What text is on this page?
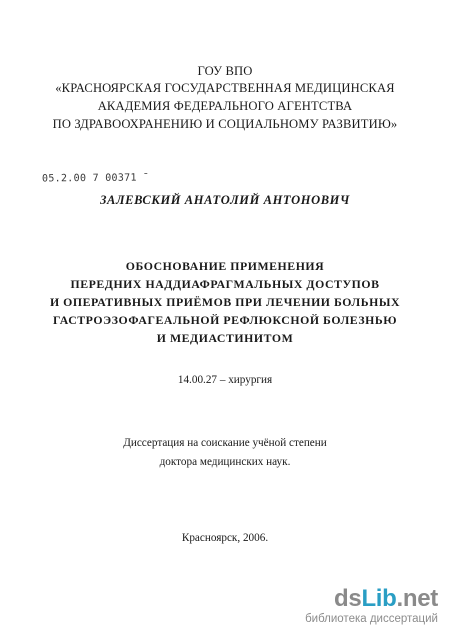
ГОУ ВПО
«КРАСНОЯРСКАЯ ГОСУДАРСТВЕННАЯ МЕДИЦИНСКАЯ
АКАДЕМИЯ ФЕДЕРАЛЬНОГО АГЕНТСТВА
ПО ЗДРАВООХРАНЕНИЮ И СОЦИАЛЬНОМУ РАЗВИТИЮ»
05.2.00 7 00371 ̄
ЗАЛЕВСКИЙ АНАТОЛИЙ АНТОНОВИЧ
ОБОСНОВАНИЕ ПРИМЕНЕНИЯ
ПЕРЕДНИХ НАДДИАФРАГМАЛЬНЫХ ДОСТУПОВ
И ОПЕРАТИВНЫХ ПРИЁМОВ ПРИ ЛЕЧЕНИИ БОЛЬНЫХ
ГАСТРОЭЗОФАГЕАЛЬНОЙ РЕФЛЮКСНОЙ БОЛЕЗНЬЮ
И МЕДИАСТИНИТОМ
14.00.27 – хирургия
Диссертация на соискание учёной степени
доктора медицинских наук.
Красноярск, 2006.
dsLib.net
библиотека диссертаций
